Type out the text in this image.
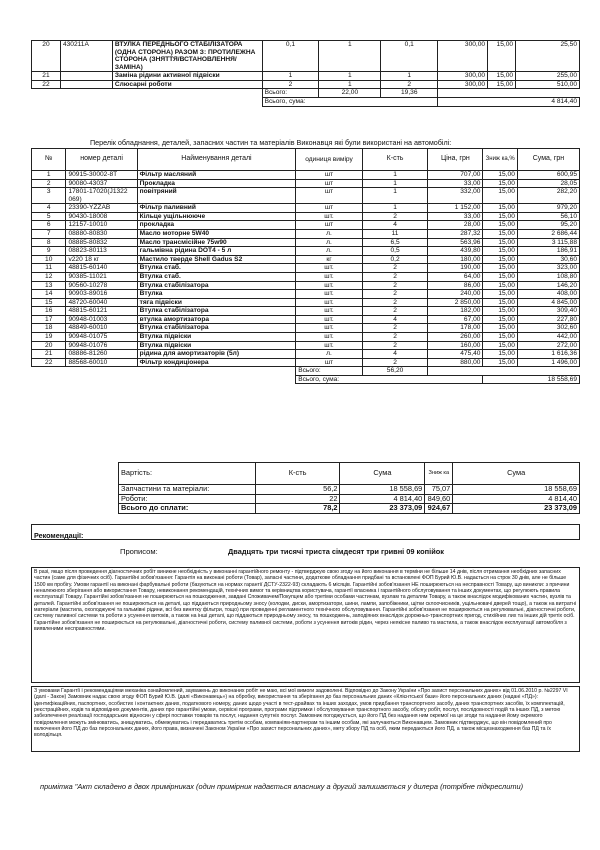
20	430211A	ВТУЛКА ПЕРЕДНЬОГО СТАБІЛІЗАТОРА (ОДНА СТОРОНА) РАЗОМ З: ПРОТИЛЕЖНА СТОРОНА (ЗНЯТТЯ/ВСТАНОВЛЕННЯ/ЗАМІНА)	0,1	1	0,1	300,00	15,00	25,50
21		Заміна рідини активної підвіски	1	1	1	300,00	15,00	255,00
22		Слюсарні роботи	2	1	2	300,00	15,00	510,00
			Всього:	22,00	19,36			
			Всього, сума:			4 814,40		
Перелік обладнання, деталей, запасних частин та матеріалів Виконавця які були використані на автомобілі:
№	номер деталі	Найменування деталі	одиниця виміру	К-сть	Ціна, грн	Зниж ка,%	Сума, грн
1	90915-30002-8T	Фільтр масляний	шт	1	707,00	15,00	600,95
2	90080-43037	Прокладка	шт	1	33,00	15,00	28,05
3	17801-17020(J1322 069)	повітряний	шт	1	332,00	15,00	282,20
4	23390-YZZAB	Фільтр паливний	шт	1	1 152,00	15,00	979,20
5	90430-18008	Кільце ущільнююче	шт.	2	33,00	15,00	56,10
6	12157-10010	прокладка	шт	4	28,00	15,00	95,20
7	08880-80830	Масло моторне 5W40	л.	11	287,32	15,00	2 686,44
8	08885-80832	Масло трансмісійне 75w90	л.	6,5	563,96	15,00	3 115,88
9	08823-80113	гальмівна рідина DOT4 - 5 л	л.	0,5	439,80	15,00	186,91
10	v220 18 кг	Мастило тверде Shell Gadus S2	кг	0,2	180,00	15,00	30,60
11	48815-60140	Втулка стаб.	шт.	2	190,00	15,00	323,00
12	90385-11021	Втулка стаб.	шт.	2	64,00	15,00	108,80
13	90560-10278	Втулка стабілізатора	шт.	2	86,00	15,00	146,20
14	90903-89016	Втулка	шт.	2	240,00	15,00	408,00
15	48720-60040	тяга підвіски	шт.	2	2 850,00	15,00	4 845,00
16	48815-60121	Втулка стабілізатора	шт.	2	182,00	15,00	309,40
17	90948-01003	втулка амортизатора	шт.	4	67,00	15,00	227,80
18	48849-60010	Втулка стабілізатора	шт.	2	178,00	15,00	302,60
19	90948-01075	Втулка підвіски	шт.	2	260,00	15,00	442,00
20	90948-01076	Втулка підвіски	шт.	2	160,00	15,00	272,00
21	08886-81260	рідина для амортизаторів (5л)	л.	4	475,40	15,00	1 616,36
22	88568-60010	Фільтр кондиціонера	шт	2	880,00	15,00	1 496,00
			Всього:	56,20			
			Всього, сума:			18 558,69	
Вартість:	К-сть	Сума	Зниж ка	Сума
Запчастини та матеріали:	56,2	18 558,69	75,07	18 558,69
Роботи:	22	4 814,40	849,60	4 814,40
Всього до сплати:	78,2	23 373,09	924,67	23 373,09
Рекомендації:
Прописом:	Двадцять три тисячі триста сімдесят три гривні 09 копійок
В разі, якщо після проведення діагностичних робіт виникне необхідність у виконанні гарантійного ремонту - підтверджую свою згоду на його виконання в терміни не більше 14 днів, після отримання необхідних запасних частин (саме для фізичних осіб). Гарантійні зобов'язання: Гарантія на виконані роботи (Товар), запасні частини, додаткове обладнання придбані та встановлені ФОП Бурий Ю.В. надається на строк 30 днів, але не більше 1500 км пробігу. Умови гарантії на виконані фарбувальні роботи (базуються на нормах гарантії ДСТУ-2322-93) складають 6 місяців. Гарантійні зобов'язання НЕ поширюються на несправності Товару, що виникли: з причини неналежного зберігання або використання Товару, невиконання рекомендацій, технічних вимог та керівництва користувача, гарантії власника і гарантійного обслуговування та інших документах, що регулюють правила експлуатації Товару. Гарантійні зобов'язання не поширюються на пошкодження, завдані Споживачем/Покупцем або третіми особами частинам, вузлам та деталям Товару, а також внаслідок модифікованих частин, вузлів та деталей. Гарантійні зобов'язання не поширюються на деталі, що піддаються природньому зносу (колодки, диски, амортизатори, шини, лампи, запобіжники, щітки склоочисників, ущільнювачі дверей тощо), а також на витратні матеріали (мастила, охолоджуючі та гальмівні рідини, всі без винятку фільтри, тощо) при проведенні регламентного технічного обслуговування. Гарантійні зобов'язання не поширюються на регулювальні, діагностичні роботи, систему паливної системи та роботи з усунення витоків, а також на інші деталі, що піддаються природньому зносу, та пошкоджень, заподіяних внаслідок дорожньо-транспортних пригод, стихійних лих та інших дій третіх осіб. Гарантійне зобов'язання не поширюється на регулювальні, діагностичні роботи, систему паливної системи, роботи з усунення витоків рідин, через неякісне паливо та мастила, а також внаслідок експлуатації автомобіля з виявленими несправностями.
З умовами Гарантії і рекомендаціями механіка ознайомлений, зауважень до виконаних робіт не маю, всі мої вимоги задоволені. Відповідно до Закону України «Про захист персональних даних» від 01.06.2010 р. №2297 VI (далі - Закон) Замовник надає свою згоду ФОП Бурий Ю.В. (далі «Виконавець») на обробку, використання та зберігання до баз персональних даних «Клієнтської бази» його персональних даних (надані «ПД»): ідентифікаційних, паспортних, особистих і контактних даних, податкового номеру, даних щодо участі в тест-драйвах та інших заходах, умов придбання транспортного засобу, даних транспортних засобів, їх комплектацій, реєстраційних, кодів та відповідних документів, даних про гарантійні умови, сервісні програми, програми підтримки і обслуговування транспортного засобу, обсягу робіт, послуг, послідовності подій та інших ПД, з метою забезпечення реалізації господарських відносин у сфері поставки товарів та послуг, надання супутніх послуг. Замовник погоджується, що його ПД без надання ним окремої на це згоди та надання йому окремого повідомлення можуть змінюватись, знищуватись, обмежуватись і передаватись третім особам, компаніям-партнерам та іншим особам, які залучаються Виконавцем. Замовник підтверджує, що він повідомлений про включення його ПД до баз персональних даних, його права, визначені Законом України «Про захист персональних даних», мету збору ПД та осіб, яким передаються його ПД, а також місцезнаходження баз ПД та їх володільця.
примітка "Акт складено в двох примірниках (один примірник надається власнику а другий залишається у дилера (потрібне підкреслити)
